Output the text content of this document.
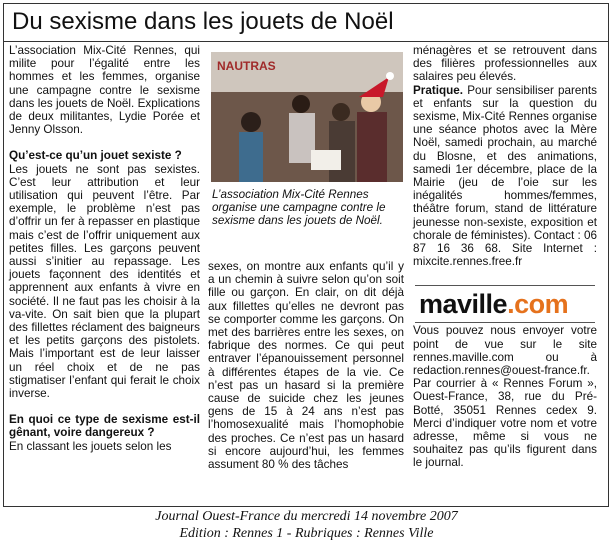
Du sexisme dans les jouets de Noël

L’association Mix-Cité Rennes, qui milite pour l’égalité entre les hommes et les femmes, organise une campagne contre le sexisme dans les jouets de Noël. Explications de deux militantes, Lydie Porée et Jenny Olsson.

Qu’est-ce qu’un jouet sexiste ?

Les jouets ne sont pas sexistes. C’est leur attribution et leur utilisation qui peuvent l’être. Par exemple, le problème n’est pas d’offrir un fer à repasser en plastique mais c’est de l’offrir uniquement aux petites filles. Les garçons peuvent aussi s’initier au repassage. Les jouets façonnent des identités et apprennent aux enfants à vivre en société. Il ne faut pas les choisir à la va-vite. On sait bien que la plupart des fillettes réclament des baigneurs et les petits garçons des pistolets. Mais l’important est de leur laisser un réel choix et de ne pas stigmatiser l’enfant qui ferait le choix inverse.

En quoi ce type de sexisme est-il gênant, voire dangereux ?

En classant les jouets selon les

NAUTRAS
L’association Mix-Cité Rennes organise une campagne contre le sexisme dans les jouets de Noël.

sexes, on montre aux enfants qu’il y a un chemin à suivre selon qu’on soit fille ou garçon. En clair, on dit déjà aux fillettes qu’elles ne devront pas se comporter comme les garçons. On met des barrières entre les sexes, on fabrique des normes. Ce qui peut entraver l’épanouissement personnel à différentes étapes de la vie. Ce n’est pas un hasard si la première cause de suicide chez les jeunes gens de 15 à 24 ans n’est pas l’homosexualité mais l’homophobie des proches. Ce n’est pas un hasard si encore aujourd’hui, les femmes assument 80 % des tâches

ménagères et se retrouvent dans des filières professionnelles aux salaires peu élevés.

Pratique. Pour sensibiliser parents et enfants sur la question du sexisme, Mix-Cité Rennes organise une séance photos avec la Mère Noël, samedi prochain, au marché du Blosne, et des animations, samedi 1er décembre, place de la Mairie (jeu de l’oie sur les inégalités hommes/femmes, théâtre forum, stand de littérature jeunesse non-sexiste, exposition et chorale de féministes). Contact : 06 87 16 36 68. Site Internet : mixcite.rennes.free.fr

Vous pouvez nous envoyer votre point de vue sur le site rennes.maville.com ou à redaction.rennes@ouest-france.fr. Par courrier à « Rennes Forum », Ouest-France, 38, rue du Pré-Botté, 35051 Rennes cedex 9. Merci d’indiquer votre nom et votre adresse, même si vous ne souhaitez pas qu’ils figurent dans le journal.

maville.com
Journal Ouest-France du mercredi 14 novembre 2007
Edition : Rennes 1 - Rubriques : Rennes Ville
